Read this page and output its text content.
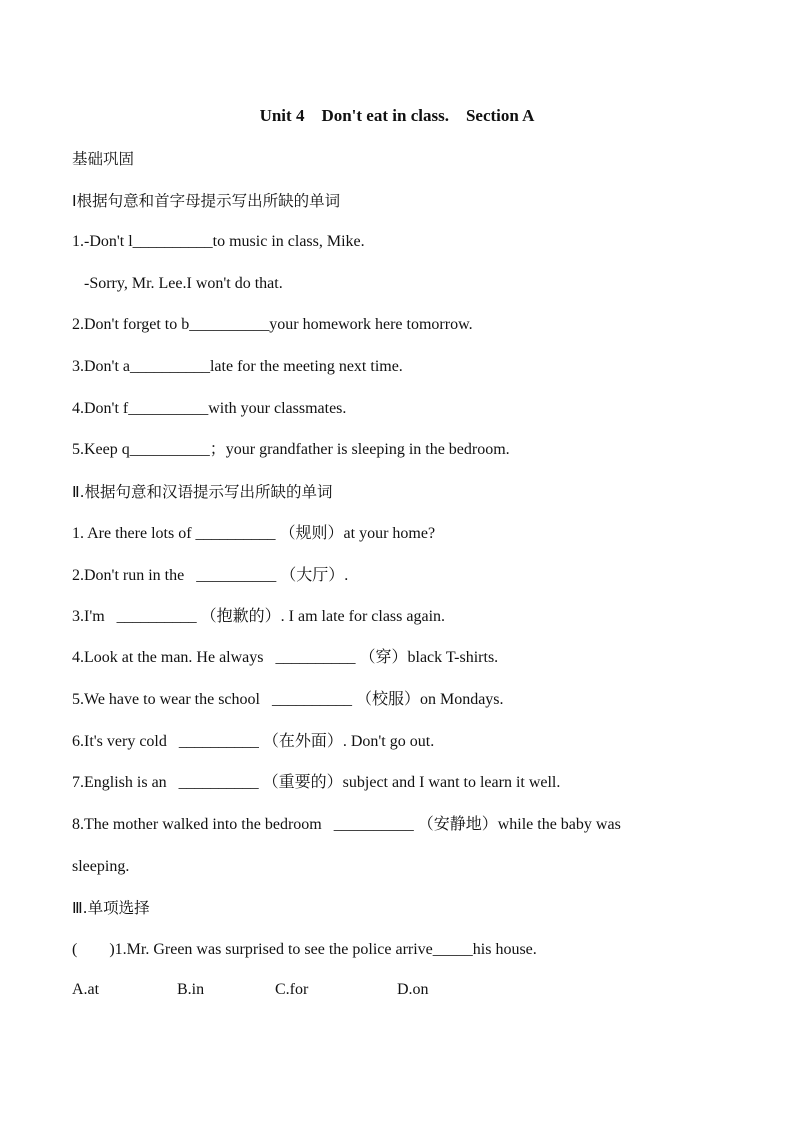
Unit 4    Don't eat in class.    Section A
基础巩固
Ⅰ根据句意和首字母提示写出所缺的单词
1.-Don't l__________to music in class, Mike.
-Sorry, Mr. Lee.I won't do that.
2.Don't forget to b__________your homework here tomorrow.
3.Don't a__________late for the meeting next time.
4.Don't f__________with your classmates.
5.Keep q__________；your grandfather is sleeping in the bedroom.
Ⅱ.根据句意和汉语提示写出所缺的单词
1. Are there lots of __________ （规则）at your home?
2.Don't run in the   __________ （大厅）.
3.I'm   __________ （抱歉的）. I am late for class again.
4.Look at the man. He always   __________ （穿）black T-shirts.
5.We have to wear the school   __________ （校服）on Mondays.
6.It's very cold   __________ （在外面）. Don't go out.
7.English is an   __________ （重要的）subject and I want to learn it well.
8.The mother walked into the bedroom   __________ （安静地）while the baby was
sleeping.
Ⅲ.单项选择
(        )1.Mr. Green was surprised to see the police arrive_____his house.
A.at	B.in	C.for	D.on
